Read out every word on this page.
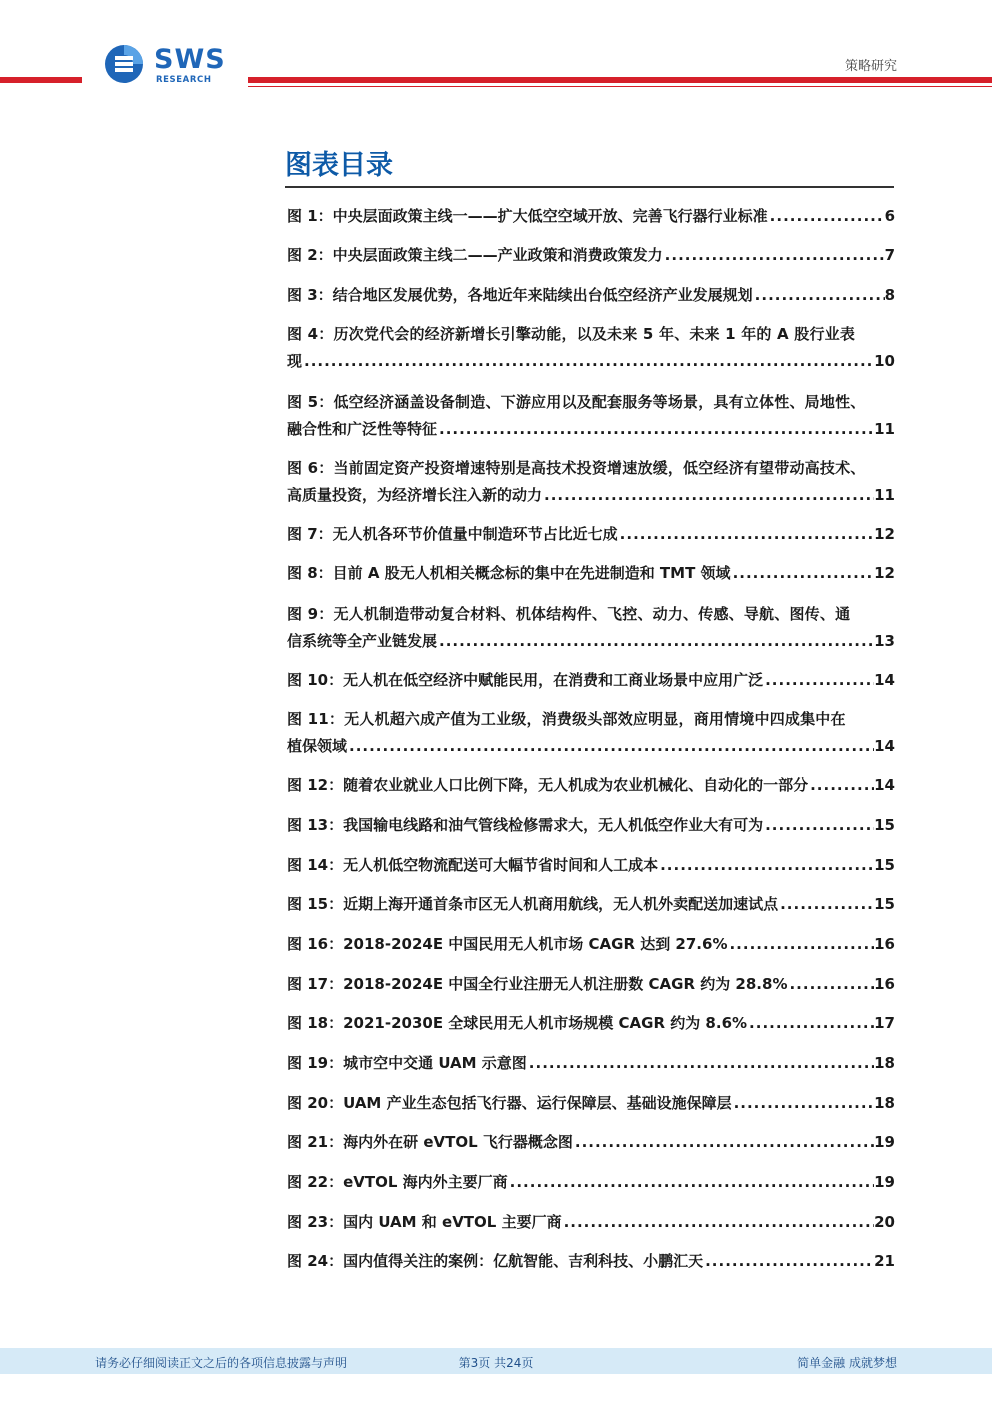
SWS
RESEARCH
策略研究
图表目录
图 1：中央层面政策主线一——扩大低空空域开放、完善飞行器行业标准 .....	6
图 2：中央层面政策主线二——产业政策和消费政策发力 .....	7
图 3：结合地区发展优势，各地近年来陆续出台低空经济产业发展规划 .....	8
图 4：历次党代会的经济新增长引擎动能，以及未来 5 年、未来 1 年的 A 股行业表
现 .....	10
图 5：低空经济涵盖设备制造、下游应用以及配套服务等场景，具有立体性、局地性、
融合性和广泛性等特征 .....	11
图 6：当前固定资产投资增速特别是高技术投资增速放缓，低空经济有望带动高技术、
高质量投资，为经济增长注入新的动力 .....	11
图 7：无人机各环节价值量中制造环节占比近七成 .....	12
图 8：目前 A 股无人机相关概念标的集中在先进制造和 TMT 领域 .....	12
图 9：无人机制造带动复合材料、机体结构件、飞控、动力、传感、导航、图传、通
信系统等全产业链发展 .....	13
图 10：无人机在低空经济中赋能民用，在消费和工商业场景中应用广泛 .....	14
图 11：无人机超六成产值为工业级，消费级头部效应明显，商用情境中四成集中在
植保领域 .....	14
图 12：随着农业就业人口比例下降，无人机成为农业机械化、自动化的一部分 .....	14
图 13：我国输电线路和油气管线检修需求大，无人机低空作业大有可为 .....	15
图 14：无人机低空物流配送可大幅节省时间和人工成本 .....	15
图 15：近期上海开通首条市区无人机商用航线，无人机外卖配送加速试点 .....	15
图 16：2018-2024E 中国民用无人机市场 CAGR 达到 27.6% .....	16
图 17：2018-2024E 中国全行业注册无人机注册数 CAGR 约为 28.8% .....	16
图 18：2021-2030E 全球民用无人机市场规模 CAGR 约为 8.6% .....	17
图 19：城市空中交通 UAM 示意图 .....	18
图 20：UAM 产业生态包括飞行器、运行保障层、基础设施保障层 .....	18
图 21：海内外在研 eVTOL 飞行器概念图 .....	19
图 22：eVTOL 海内外主要厂商 .....	19
图 23：国内 UAM 和 eVTOL 主要厂商 .....	20
图 24：国内值得关注的案例：亿航智能、吉利科技、小鹏汇天 .....	21
请务必仔细阅读正文之后的各项信息披露与声明	第3页 共24页	简单金融 成就梦想
